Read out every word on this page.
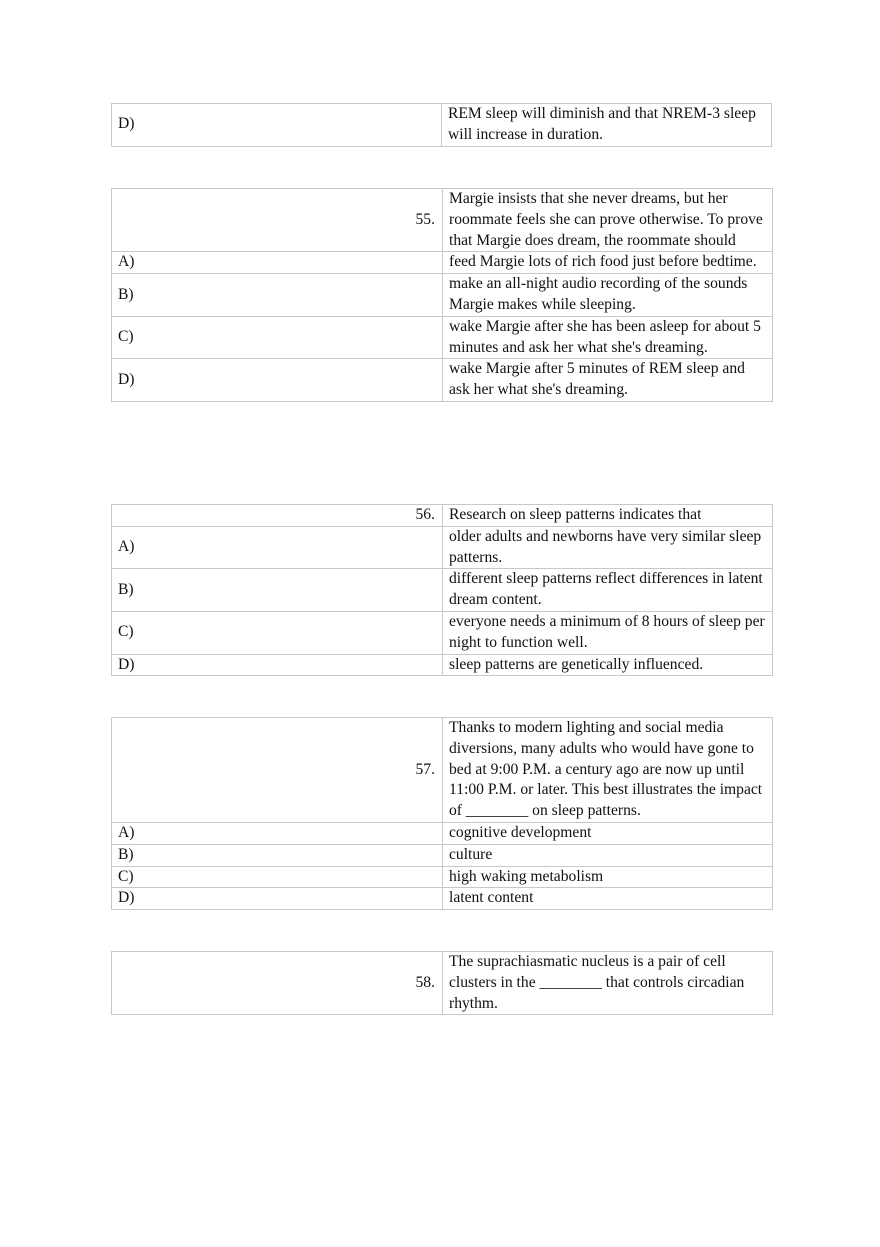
D)	REM sleep will diminish and that NREM-3 sleep will increase in duration.
55.	Margie insists that she never dreams, but her roommate feels she can prove otherwise. To prove that Margie does dream, the roommate should
A)	feed Margie lots of rich food just before bedtime.
B)	make an all-night audio recording of the sounds Margie makes while sleeping.
C)	wake Margie after she has been asleep for about 5 minutes and ask her what she's dreaming.
D)	wake Margie after 5 minutes of REM sleep and ask her what she's dreaming.
56.	Research on sleep patterns indicates that
A)	older adults and newborns have very similar sleep patterns.
B)	different sleep patterns reflect differences in latent dream content.
C)	everyone needs a minimum of 8 hours of sleep per night to function well.
D)	sleep patterns are genetically influenced.
57.	Thanks to modern lighting and social media diversions, many adults who would have gone to bed at 9:00 P.M. a century ago are now up until 11:00 P.M. or later. This best illustrates the impact of ________ on sleep patterns.
A)	cognitive development
B)	culture
C)	high waking metabolism
D)	latent content
58.	The suprachiasmatic nucleus is a pair of cell clusters in the ________ that controls circadian rhythm.
